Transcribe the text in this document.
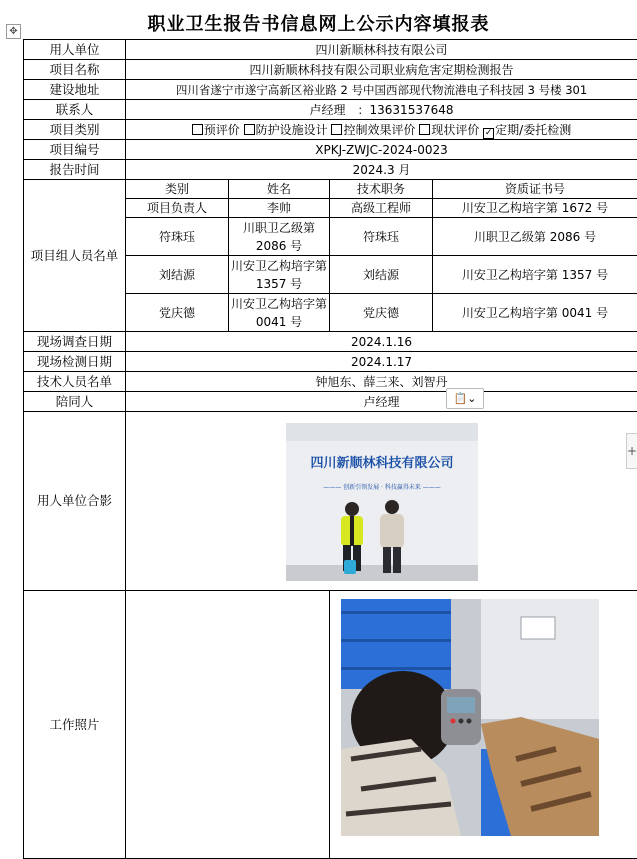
职业卫生报告书信息网上公示内容填报表
✥
+
用人单位	四川新顺林科技有限公司			
项目名称	四川新顺林科技有限公司职业病危害定期检测报告			
建设地址	四川省遂宁市遂宁高新区裕业路 2 号中国西部现代物流港电子科技园 3 号楼 301			
联系人	卢经理　：13631537648			
项目类别	预评价 防护设施设计 控制效果评价 现状评价 ✓ 定期/委托检测			
项目编号	XPKJ-ZWJC-2024-0023			
报告时间	2024.3 月			
项目组人员名单	类别	姓名	技术职务	资质证书号
	项目负责人	李帅	高级工程师	川安卫乙构培字第 1672 号
	符珠珏	川职卫乙级第 2086 号	符珠珏	川职卫乙级第 2086 号
	刘结源	川安卫乙构培字第 1357 号	刘结源	川安卫乙构培字第 1357 号
	党庆德	川安卫乙构培字第 0041 号	党庆德	川安卫乙构培字第 0041 号
现场调查日期	2024.1.16			
现场检测日期	2024.1.17			
技术人员名单	钟旭东、薛三来、刘智丹			
陪同人	卢经理			
用人单位合影	四川新顺林科技有限公司
——— 创新引领发展 · 科技赢得未来 ———			

工作照片		
📋⌄
